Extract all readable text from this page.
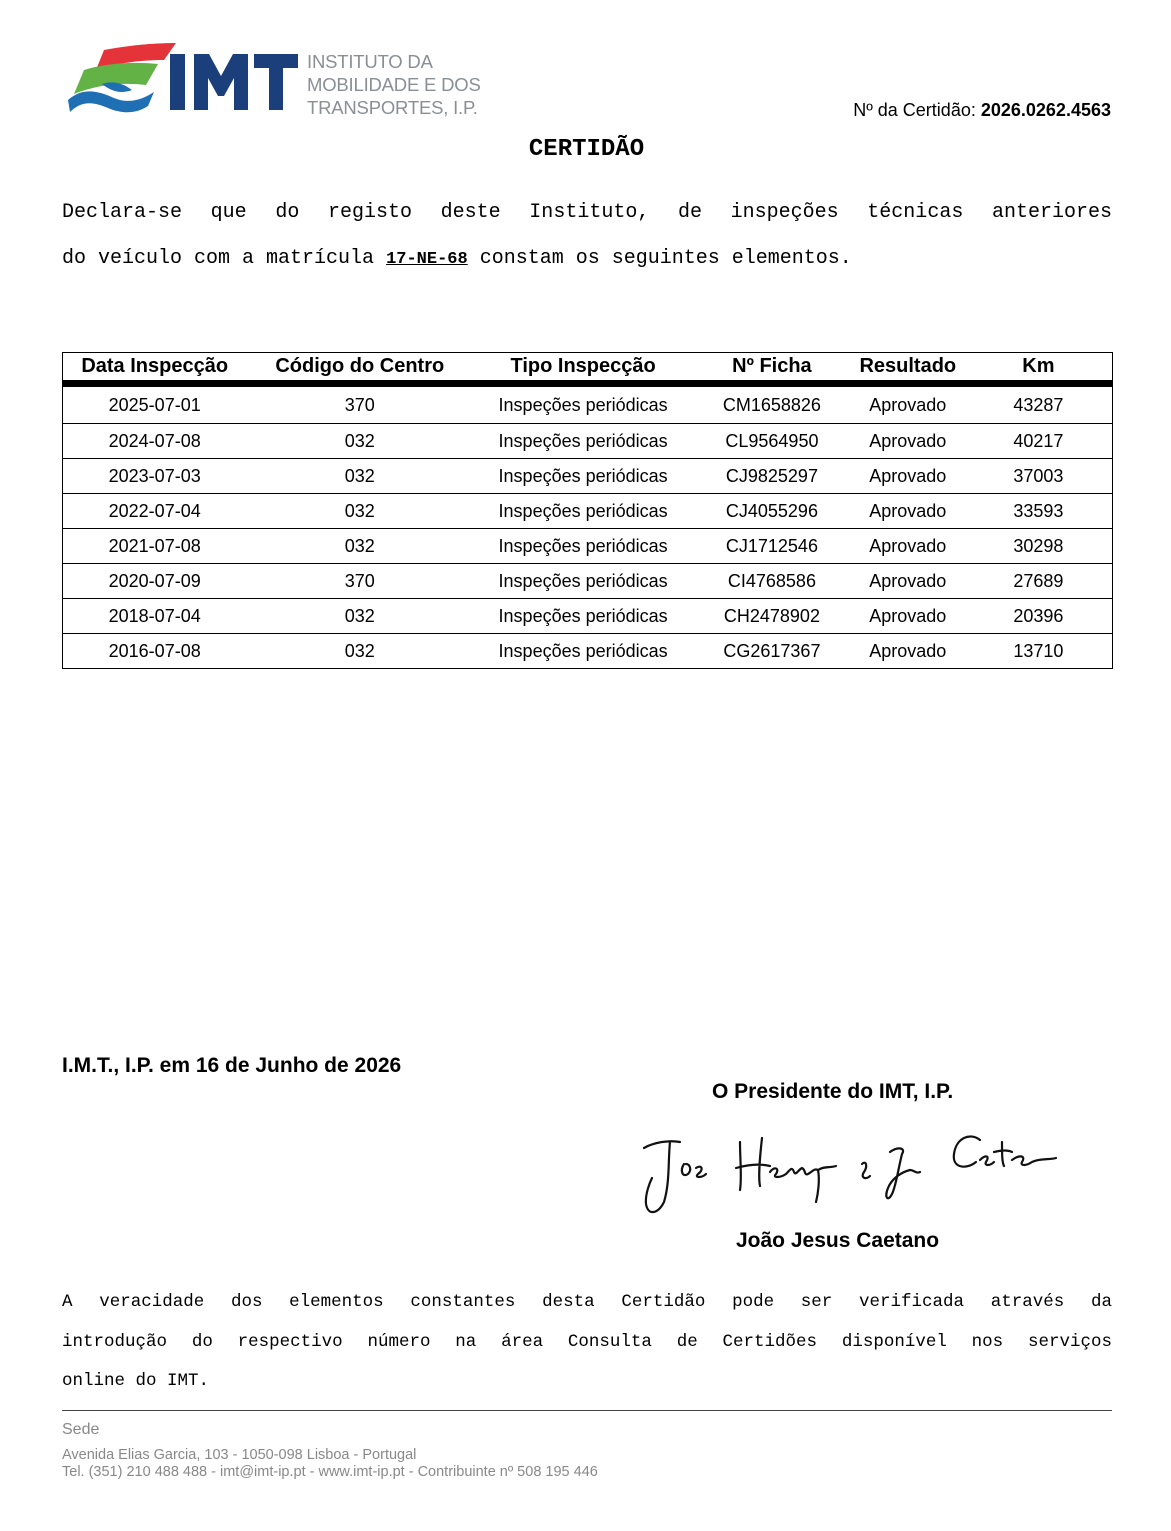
INSTITUTO DA
MOBILIDADE E DOS
TRANSPORTES, I.P.	Nº da Certidão: 2026.0262.4563
CERTIDÃO
Declara-se que do registo deste Instituto, de inspeções técnicas anteriores
do veículo com a matrícula 17-NE-68 constam os seguintes elementos.
Data Inspecção	Código do Centro	Tipo Inspecção	Nº Ficha	Resultado	Km
2025-07-01	370	Inspeções periódicas	CM1658826	Aprovado	43287
2024-07-08	032	Inspeções periódicas	CL9564950	Aprovado	40217
2023-07-03	032	Inspeções periódicas	CJ9825297	Aprovado	37003
2022-07-04	032	Inspeções periódicas	CJ4055296	Aprovado	33593
2021-07-08	032	Inspeções periódicas	CJ1712546	Aprovado	30298
2020-07-09	370	Inspeções periódicas	CI4768586	Aprovado	27689
2018-07-04	032	Inspeções periódicas	CH2478902	Aprovado	20396
2016-07-08	032	Inspeções periódicas	CG2617367	Aprovado	13710
I.M.T., I.P. em 16 de Junho de 2026
O Presidente do IMT, I.P.
João Jesus Caetano
A veracidade dos elementos constantes desta Certidão pode ser verificada através da
introdução do respectivo número na área Consulta de Certidões disponível nos serviços
online do IMT.
Sede
Avenida Elias Garcia, 103 - 1050-098 Lisboa - Portugal
Tel. (351) 210 488 488 - imt@imt-ip.pt - www.imt-ip.pt - Contribuinte nº 508 195 446
